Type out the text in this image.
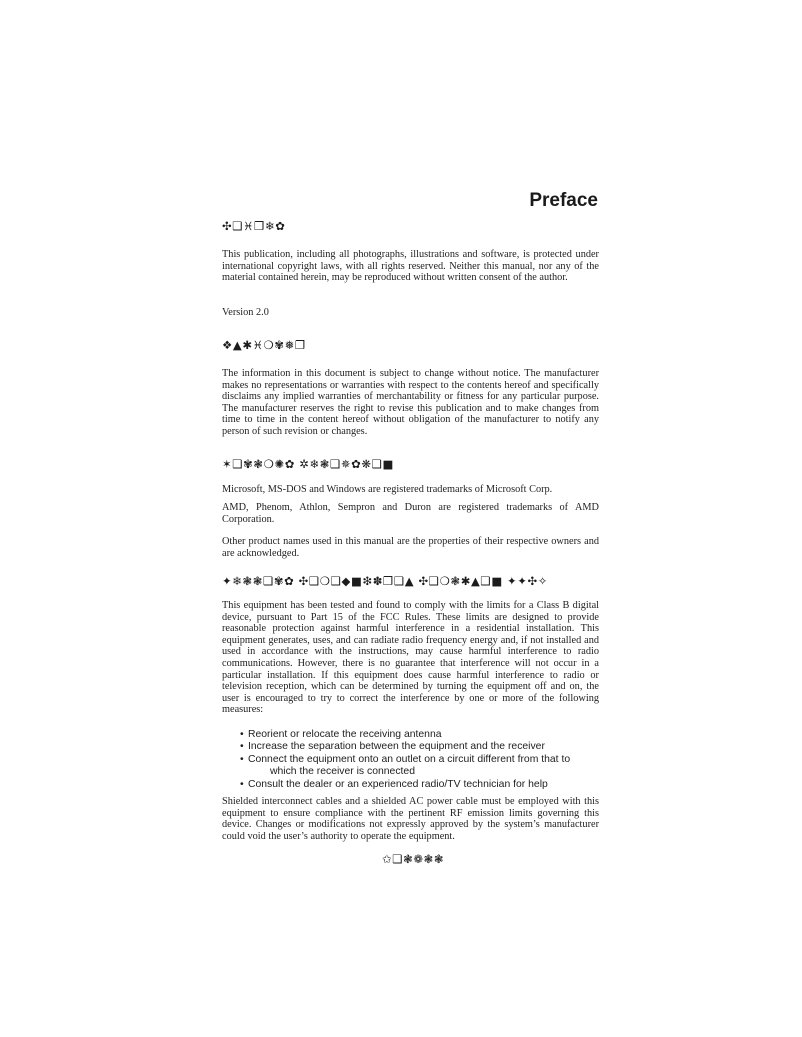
Preface
✣❑♓❒❄✿
This publication, including all photographs, illustrations and software, is protected under international copyright laws, with all rights reserved. Neither this manual, nor any of the material contained herein, may be reproduced without written consent of the author.
Version 2.0
❖▲✱♓❍✾❅❐
The information in this document is subject to change without notice. The manufacturer makes no representations or warranties with respect to the contents hereof and specifically disclaims any implied warranties of merchantability or fitness for any particular purpose. The manufacturer reserves the right to revise this publication and to make changes from time to time in the content hereof without obligation of the manufacturer to notify any person of such revision or changes.
✶❑✾❃❍✺✿ ✲❄❃❑✵✿❋❑■
Microsoft, MS-DOS and Windows are registered trademarks of Microsoft Corp.
AMD, Phenom, Athlon, Sempron and Duron are registered trademarks of AMD Corporation.
Other product names used in this manual are the properties of their respective owners and are acknowledged.
✦❄❃❃❑✾✿ ✣❑❍❑◆■❇✽❐❑▲ ✣❑❍❃✱▲❑■ ✦✦✣✧
This equipment has been tested and found to comply with the limits for a Class B digital device, pursuant to Part 15 of the FCC Rules. These limits are designed to provide reasonable protection against harmful interference in a residential installation. This equipment generates, uses, and can radiate radio frequency energy and, if not installed and used in accordance with the instructions, may cause harmful interference to radio communications. However, there is no guarantee that interference will not occur in a particular installation. If this equipment does cause harmful interference to radio or television reception, which can be determined by turning the equipment off and on, the user is encouraged to try to correct the interference by one or more of the following measures:
• Reorient or relocate the receiving antenna
• Increase the separation between the equipment and the receiver
• Connect the equipment onto an outlet on a circuit different from that to
which the receiver is connected
• Consult the dealer or an experienced radio/TV technician for help
Shielded interconnect cables and a shielded AC power cable must be employed with this equipment to ensure compliance with the pertinent RF emission limits governing this device. Changes or modifications not expressly approved by the system’s manufacturer could void the user’s authority to operate the equipment.
✩❑❃❁❃❃
